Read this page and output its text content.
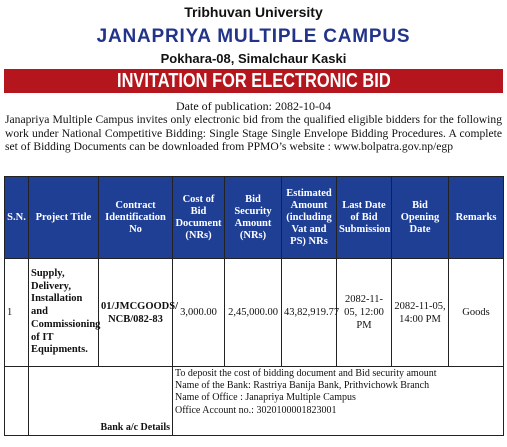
Tribhuvan University
JANAPRIYA MULTIPLE CAMPUS
Pokhara-08, Simalchaur Kaski
INVITATION FOR ELECTRONIC BID
Date of publication: 2082-10-04
Janapriya Multiple Campus invites only electronic bid from the qualified eligible bidders for the following work under National Competitive Bidding: Single Stage Single Envelope Bidding Procedures. A complete set of Bidding Documents can be downloaded from PPMO’s website : www.bolpatra.gov.np/egp
S.N.	Project Title	Contract Identification No	Cost of Bid Document (NRs)	Bid Security Amount (NRs)	Estimated Amount (including Vat and PS) NRs	Last Date of Bid Submission	Bid Opening Date	Remarks
1	Supply, Delivery, Installation and Commissioning of IT Equipments.	01/JMCGOODS/ NCB/082-83	3,000.00	2,45,000.00	43,82,919.77	2082-11-05, 12:00 PM	2082-11-05, 14:00 PM	Goods
	Bank a/c Details		To deposit the cost of bidding document and Bid security amount
Name of the Bank: Rastriya Banija Bank, Prithvichowk Branch
Name of Office : Janapriya Multiple Campus
Office Account no.: 3020100001823001					
